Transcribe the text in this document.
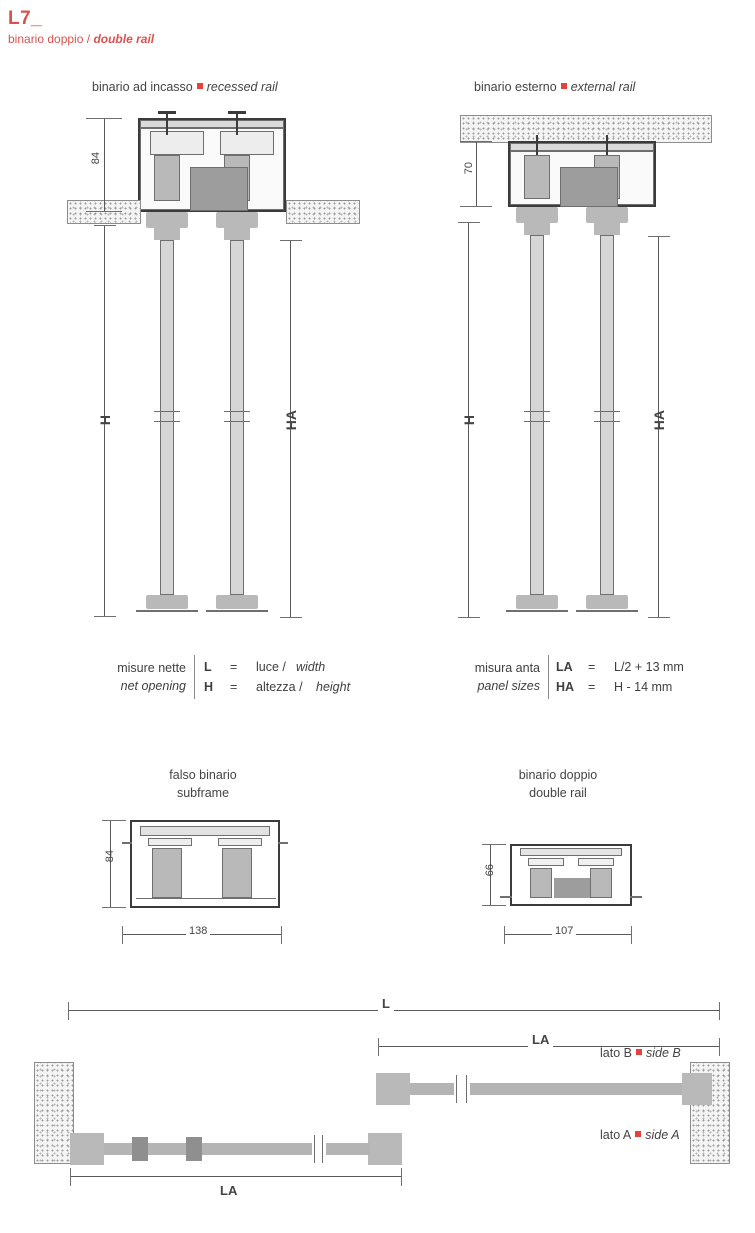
L7_
binario doppio / double rail
binario ad incasso recessed rail
84
H	HA
binario esterno external rail
70
H	HA
misure nette
net opening
L = luce / width
H = altezza / height
misura anta
panel sizes
LA = L/2 + 13 mm
HA = H - 14 mm
falso binario
subframe
84
138
binario doppio
double rail
66
107
L
LA
lato B side B
lato A side A
LA
